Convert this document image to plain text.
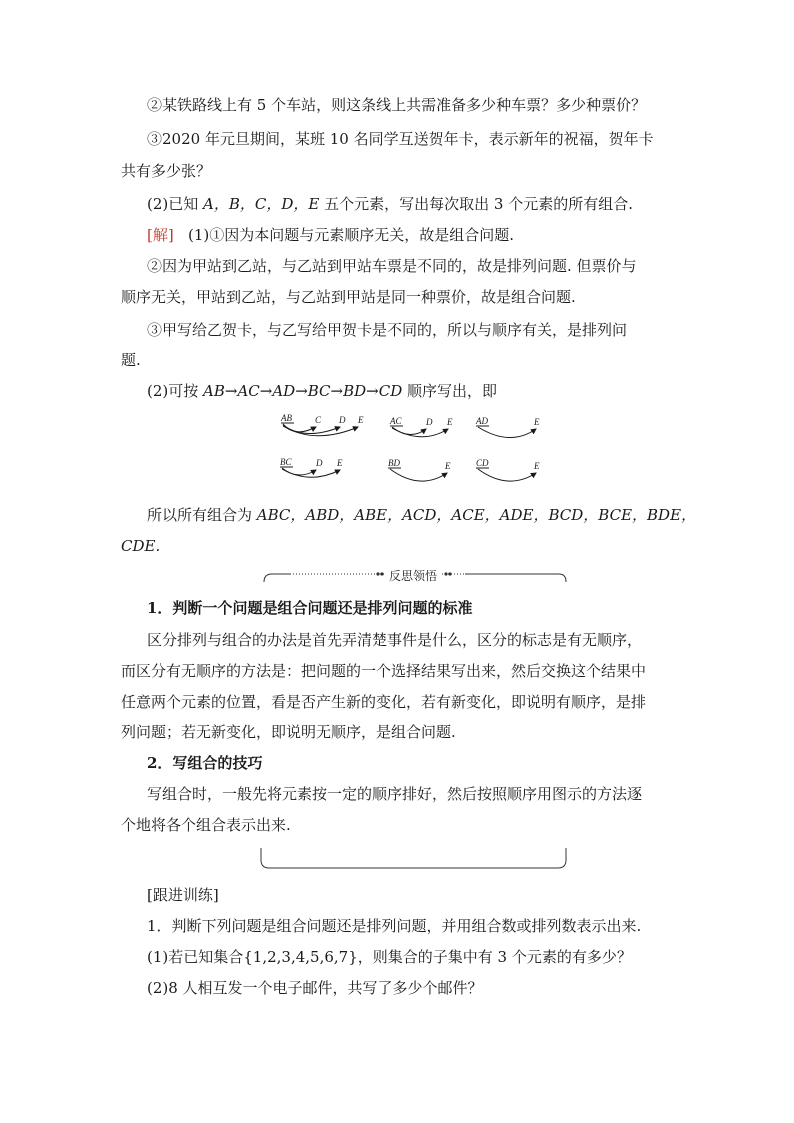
②某铁路线上有 5 个车站，则这条线上共需准备多少种车票？多少种票价？
③2020 年元旦期间，某班 10 名同学互送贺年卡，表示新年的祝福，贺年卡
共有多少张？
(2)已知 A，B，C，D，E 五个元素，写出每次取出 3 个元素的所有组合.
[解] (1)①因为本问题与元素顺序无关，故是组合问题.
②因为甲站到乙站，与乙站到甲站车票是不同的，故是排列问题. 但票价与
顺序无关，甲站到乙站，与乙站到甲站是同一种票价，故是组合问题.
③甲写给乙贺卡，与乙写给甲贺卡是不同的，所以与顺序有关，是排列问
题.
(2)可按 AB→AC→AD→BC→BD→CD 顺序写出，即
AB	C D E	AC	D E	AD	E
BC	D E	BD	E	CD	E
所以所有组合为 ABC，ABD，ABE，ACD，ACE，ADE，BCD，BCE，BDE，
CDE.
反思领悟
1．判断一个问题是组合问题还是排列问题的标准
区分排列与组合的办法是首先弄清楚事件是什么，区分的标志是有无顺序，
而区分有无顺序的方法是：把问题的一个选择结果写出来，然后交换这个结果中
任意两个元素的位置，看是否产生新的变化，若有新变化，即说明有顺序，是排
列问题；若无新变化，即说明无顺序，是组合问题.
2．写组合的技巧
写组合时，一般先将元素按一定的顺序排好，然后按照顺序用图示的方法逐
个地将各个组合表示出来.
[跟进训练]
1．判断下列问题是组合问题还是排列问题，并用组合数或排列数表示出来.
(1)若已知集合{1,2,3,4,5,6,7}，则集合的子集中有 3 个元素的有多少？
(2)8 人相互发一个电子邮件，共写了多少个邮件？
